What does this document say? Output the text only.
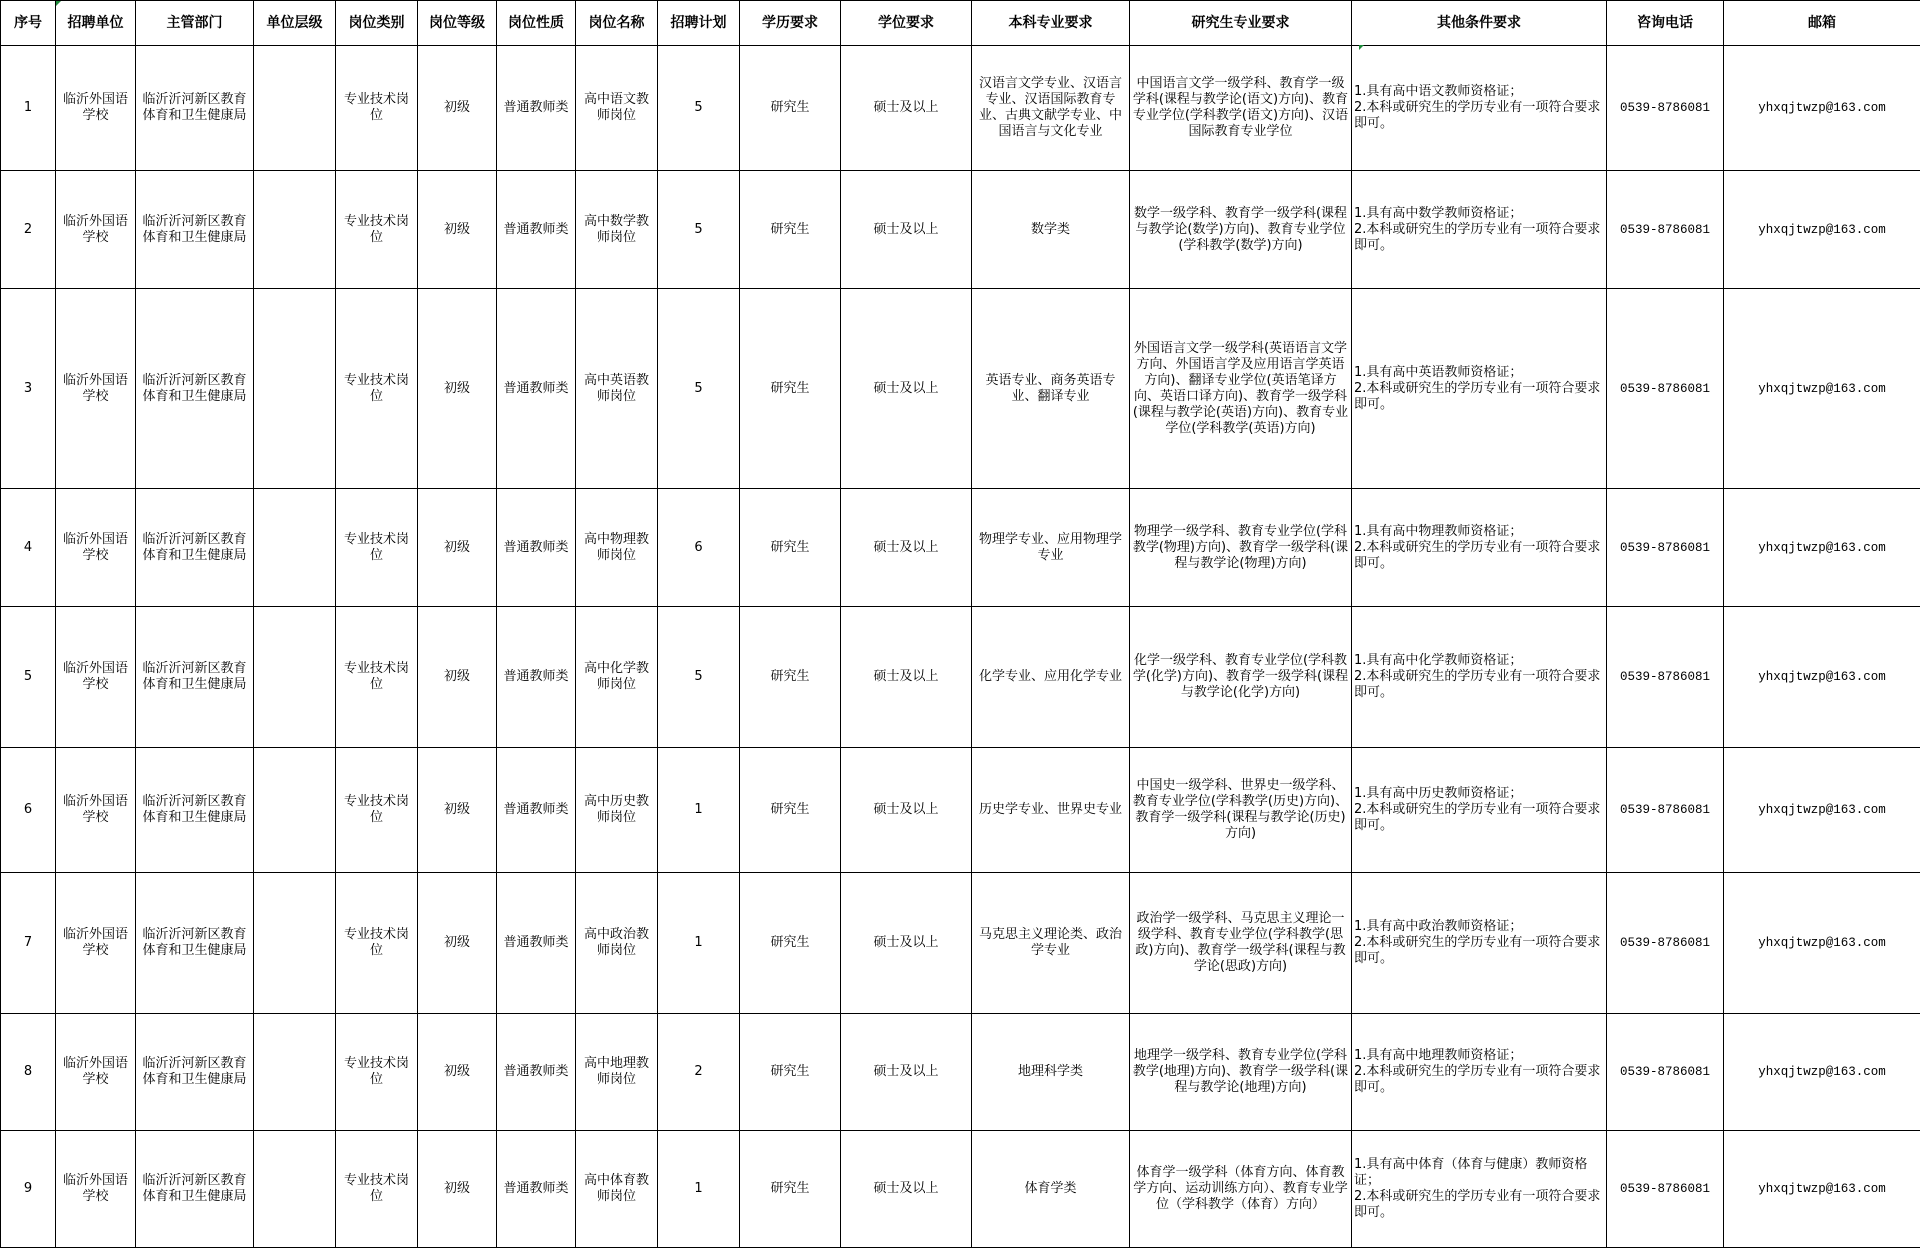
序号	招聘单位	主管部门	单位层级	岗位类别	岗位等级	岗位性质	岗位名称	招聘计划	学历要求	学位要求	本科专业要求	研究生专业要求	其他条件要求	咨询电话	邮箱
1	临沂外国语学校	临沂沂河新区教育体育和卫生健康局		专业技术岗位	初级	普通教师类	高中语文教师岗位	5	研究生	硕士及以上	汉语言文学专业、汉语言专业、汉语国际教育专业、古典文献学专业、中国语言与文化专业	中国语言文学一级学科、教育学一级学科(课程与教学论(语文)方向)、教育专业学位(学科教学(语文)方向)、汉语国际教育专业学位	1.具有高中语文教师资格证；
2.本科或研究生的学历专业有一项符合要求即可。	0539-8786081	yhxqjtwzp@163.com
2	临沂外国语学校	临沂沂河新区教育体育和卫生健康局		专业技术岗位	初级	普通教师类	高中数学教师岗位	5	研究生	硕士及以上	数学类	数学一级学科、教育学一级学科(课程与教学论(数学)方向)、教育专业学位(学科教学(数学)方向)	1.具有高中数学教师资格证；
2.本科或研究生的学历专业有一项符合要求即可。	0539-8786081	yhxqjtwzp@163.com
3	临沂外国语学校	临沂沂河新区教育体育和卫生健康局		专业技术岗位	初级	普通教师类	高中英语教师岗位	5	研究生	硕士及以上	英语专业、商务英语专业、翻译专业	外国语言文学一级学科(英语语言文学方向、外国语言学及应用语言学英语方向)、翻译专业学位(英语笔译方向、英语口译方向)、教育学一级学科(课程与教学论(英语)方向)、教育专业学位(学科教学(英语)方向)	1.具有高中英语教师资格证；
2.本科或研究生的学历专业有一项符合要求即可。	0539-8786081	yhxqjtwzp@163.com
4	临沂外国语学校	临沂沂河新区教育体育和卫生健康局		专业技术岗位	初级	普通教师类	高中物理教师岗位	6	研究生	硕士及以上	物理学专业、应用物理学专业	物理学一级学科、教育专业学位(学科教学(物理)方向)、教育学一级学科(课程与教学论(物理)方向)	1.具有高中物理教师资格证；
2.本科或研究生的学历专业有一项符合要求即可。	0539-8786081	yhxqjtwzp@163.com
5	临沂外国语学校	临沂沂河新区教育体育和卫生健康局		专业技术岗位	初级	普通教师类	高中化学教师岗位	5	研究生	硕士及以上	化学专业、应用化学专业	化学一级学科、教育专业学位(学科教学(化学)方向)、教育学一级学科(课程与教学论(化学)方向)	1.具有高中化学教师资格证；
2.本科或研究生的学历专业有一项符合要求即可。	0539-8786081	yhxqjtwzp@163.com
6	临沂外国语学校	临沂沂河新区教育体育和卫生健康局		专业技术岗位	初级	普通教师类	高中历史教师岗位	1	研究生	硕士及以上	历史学专业、世界史专业	中国史一级学科、世界史一级学科、教育专业学位(学科教学(历史)方向)、教育学一级学科(课程与教学论(历史)方向)	1.具有高中历史教师资格证；
2.本科或研究生的学历专业有一项符合要求即可。	0539-8786081	yhxqjtwzp@163.com
7	临沂外国语学校	临沂沂河新区教育体育和卫生健康局		专业技术岗位	初级	普通教师类	高中政治教师岗位	1	研究生	硕士及以上	马克思主义理论类、政治学专业	政治学一级学科、马克思主义理论一级学科、教育专业学位(学科教学(思政)方向)、教育学一级学科(课程与教学论(思政)方向)	1.具有高中政治教师资格证；
2.本科或研究生的学历专业有一项符合要求即可。	0539-8786081	yhxqjtwzp@163.com
8	临沂外国语学校	临沂沂河新区教育体育和卫生健康局		专业技术岗位	初级	普通教师类	高中地理教师岗位	2	研究生	硕士及以上	地理科学类	地理学一级学科、教育专业学位(学科教学(地理)方向)、教育学一级学科(课程与教学论(地理)方向)	1.具有高中地理教师资格证；
2.本科或研究生的学历专业有一项符合要求即可。	0539-8786081	yhxqjtwzp@163.com
9	临沂外国语学校	临沂沂河新区教育体育和卫生健康局		专业技术岗位	初级	普通教师类	高中体育教师岗位	1	研究生	硕士及以上	体育学类	体育学一级学科（体育方向、体育教学方向、运动训练方向）、教育专业学位（学科教学（体育）方向）	1.具有高中体育（体育与健康）教师资格证；
2.本科或研究生的学历专业有一项符合要求即可。	0539-8786081	yhxqjtwzp@163.com
